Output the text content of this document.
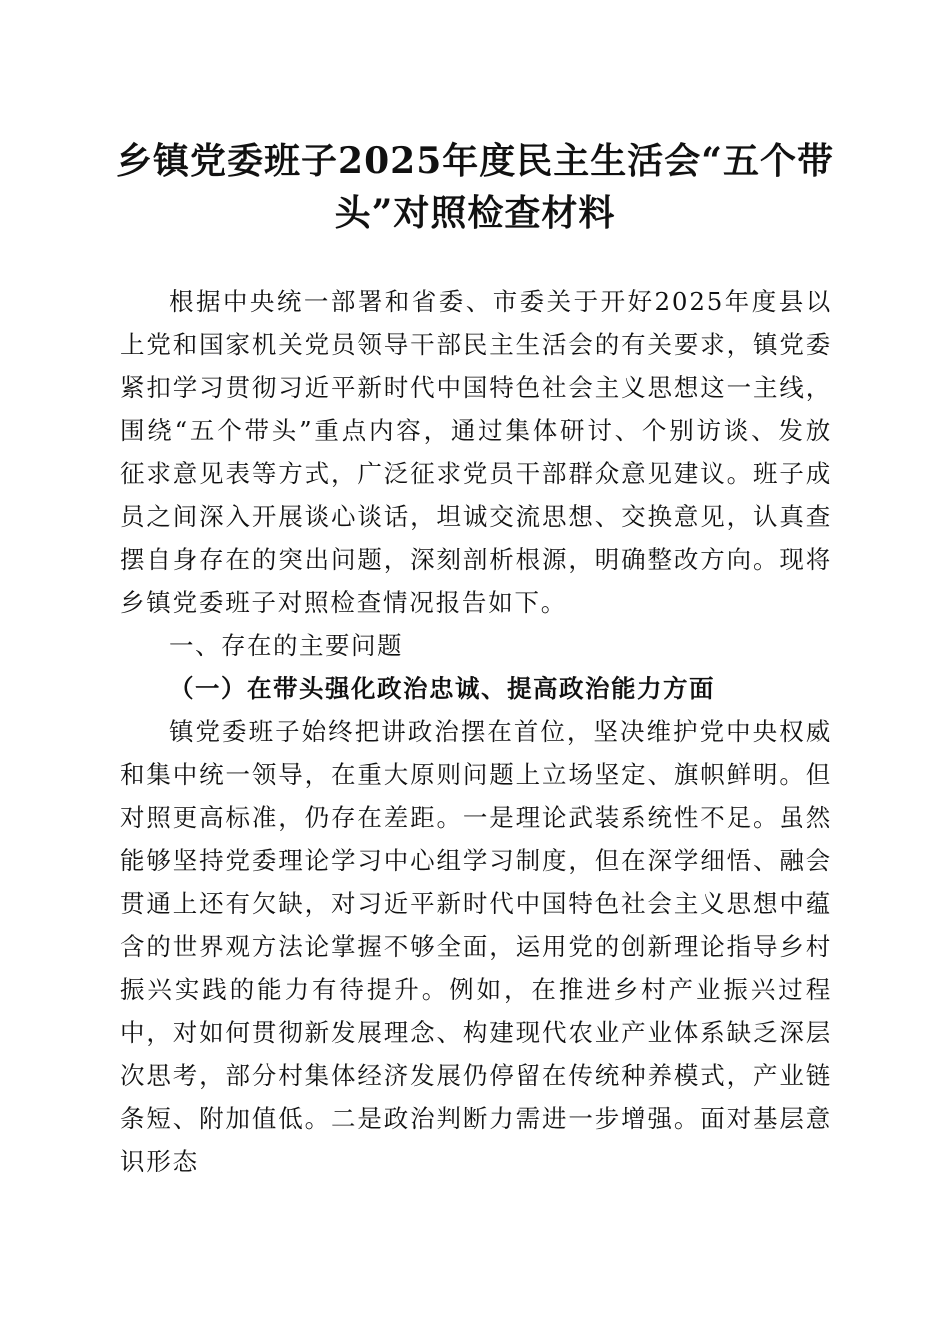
乡镇党委班子2025年度民主生活会“五个带头”对照检查材料

根据中央统一部署和省委、市委关于开好2025年度县以上党和国家机关党员领导干部民主生活会的有关要求，镇党委紧扣学习贯彻习近平新时代中国特色社会主义思想这一主线，围绕“五个带头”重点内容，通过集体研讨、个别访谈、发放征求意见表等方式，广泛征求党员干部群众意见建议。班子成员之间深入开展谈心谈话，坦诚交流思想、交换意见，认真查摆自身存在的突出问题，深刻剖析根源，明确整改方向。现将乡镇党委班子对照检查情况报告如下。

一、存在的主要问题

（一）在带头强化政治忠诚、提高政治能力方面

镇党委班子始终把讲政治摆在首位，坚决维护党中央权威和集中统一领导，在重大原则问题上立场坚定、旗帜鲜明。但对照更高标准，仍存在差距。一是理论武装系统性不足。虽然能够坚持党委理论学习中心组学习制度，但在深学细悟、融会贯通上还有欠缺，对习近平新时代中国特色社会主义思想中蕴含的世界观方法论掌握不够全面，运用党的创新理论指导乡村振兴实践的能力有待提升。例如，在推进乡村产业振兴过程中，对如何贯彻新发展理念、构建现代农业产业体系缺乏深层次思考，部分村集体经济发展仍停留在传统种养模式，产业链条短、附加值低。二是政治判断力需进一步增强。面对基层意识形态
